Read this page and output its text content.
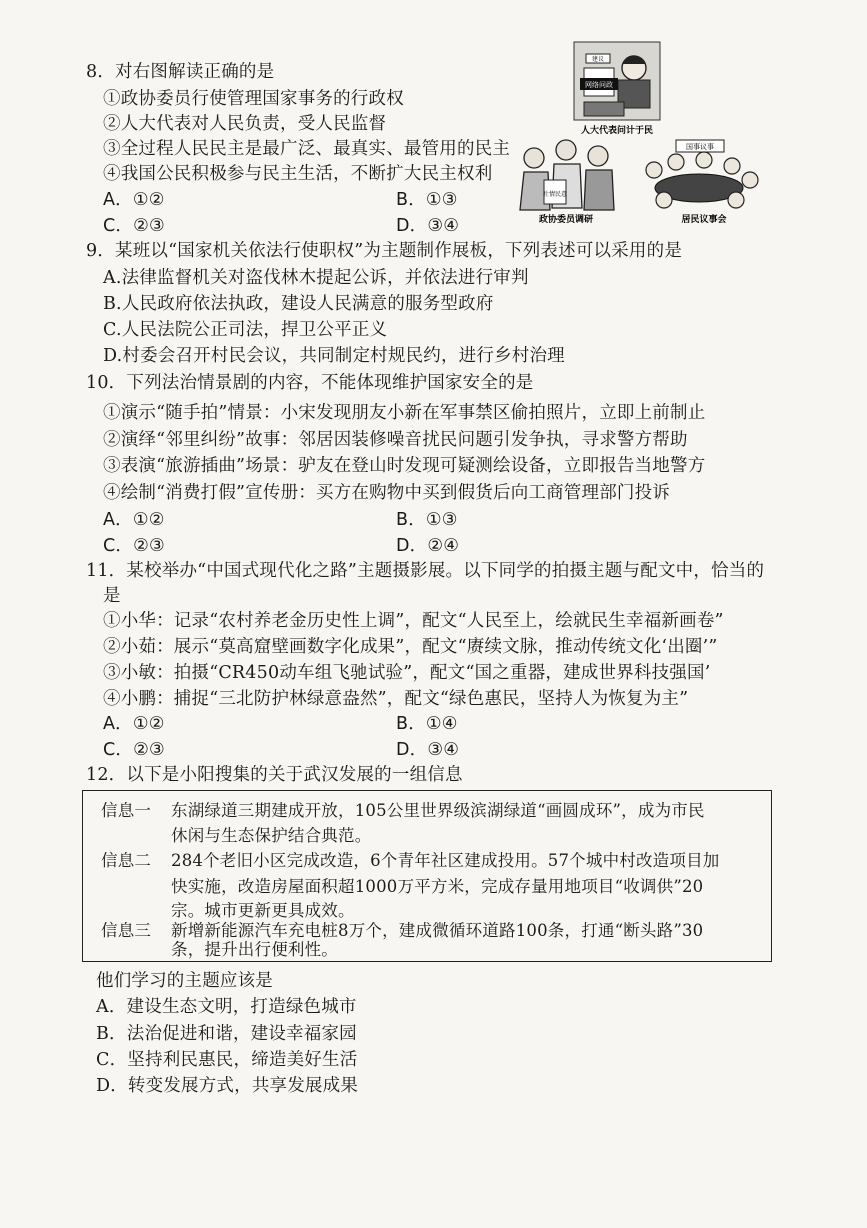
8．对右图解读正确的是
①政协委员行使管理国家事务的行政权
②人大代表对人民负责，受人民监督
③全过程人民民主是最广泛、最真实、最管用的民主
④我国公民积极参与民主生活，不断扩大民主权利
A．①②	B．①③
C．②③	D．③④
建议
网络问政
人大代表问计于民
社情民意
政协委员调研
国事议事
居民议事会
9．某班以“国家机关依法行使职权”为主题制作展板，下列表述可以采用的是
A.法律监督机关对盗伐林木提起公诉，并依法进行审判
B.人民政府依法执政，建设人民满意的服务型政府
C.人民法院公正司法，捍卫公平正义
D.村委会召开村民会议，共同制定村规民约，进行乡村治理
10．下列法治情景剧的内容，不能体现维护国家安全的是
①演示“随手拍”情景：小宋发现朋友小新在军事禁区偷拍照片，立即上前制止
②演绎“邻里纠纷”故事：邻居因装修噪音扰民问题引发争执，寻求警方帮助
③表演“旅游插曲”场景：驴友在登山时发现可疑测绘设备，立即报告当地警方
④绘制“消费打假”宣传册：买方在购物中买到假货后向工商管理部门投诉
A．①②	B．①③
C．②③	D．②④
11．某校举办“中国式现代化之路”主题摄影展。以下同学的拍摄主题与配文中，恰当的
是
①小华：记录“农村养老金历史性上调”，配文“人民至上，绘就民生幸福新画卷”
②小茹：展示“莫高窟壁画数字化成果”，配文“赓续文脉，推动传统文化‘出圈’”
③小敏：拍摄“CR450动车组飞驰试验”，配文“国之重器，建成世界科技强国’
④小鹏：捕捉“三北防护林绿意盎然”，配文“绿色惠民，坚持人为恢复为主”
A．①②	B．①④
C．②③	D．③④
12．以下是小阳搜集的关于武汉发展的一组信息
信息一 东湖绿道三期建成开放，105公里世界级滨湖绿道“画圆成环”，成为市民
休闲与生态保护结合典范。
信息二 284个老旧小区完成改造，6个青年社区建成投用。57个城中村改造项目加
快实施，改造房屋面积超1000万平方米，完成存量用地项目“收调供”20
宗。城市更新更具成效。
信息三 新增新能源汽车充电桩8万个，建成微循环道路100条，打通“断头路”30
条，提升出行便利性。
他们学习的主题应该是
A．建设生态文明，打造绿色城市
B．法治促进和谐，建设幸福家园
C．坚持利民惠民，缔造美好生活
D．转变发展方式，共享发展成果
